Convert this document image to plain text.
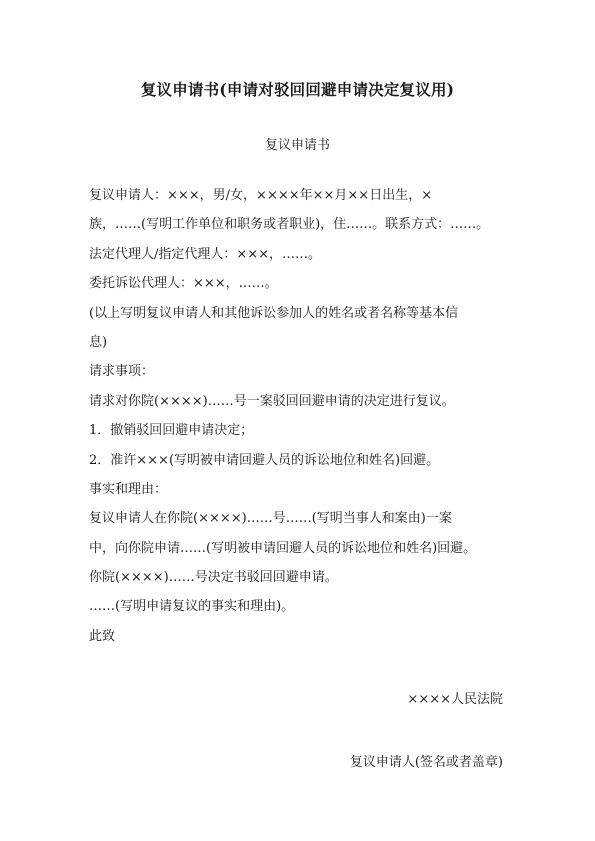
复议申请书(申请对驳回回避申请决定复议用)
复议申请书
复议申请人：×××，男/女，××××年××月××日出生，×
族，……(写明工作单位和职务或者职业)，住……。联系方式：……。
法定代理人/指定代理人：×××，……。
委托诉讼代理人：×××，……。
(以上写明复议申请人和其他诉讼参加人的姓名或者名称等基本信
息)
请求事项：
请求对你院(××××)……号一案驳回回避申请的决定进行复议。
1．撤销驳回回避申请决定；
2．准许×××(写明被申请回避人员的诉讼地位和姓名)回避。
事实和理由：
复议申请人在你院(××××)……号……(写明当事人和案由)一案
中，向你院申请……(写明被申请回避人员的诉讼地位和姓名)回避。
你院(××××)……号决定书驳回回避申请。
……(写明申请复议的事实和理由)。
此致
××××人民法院
复议申请人(签名或者盖章)
